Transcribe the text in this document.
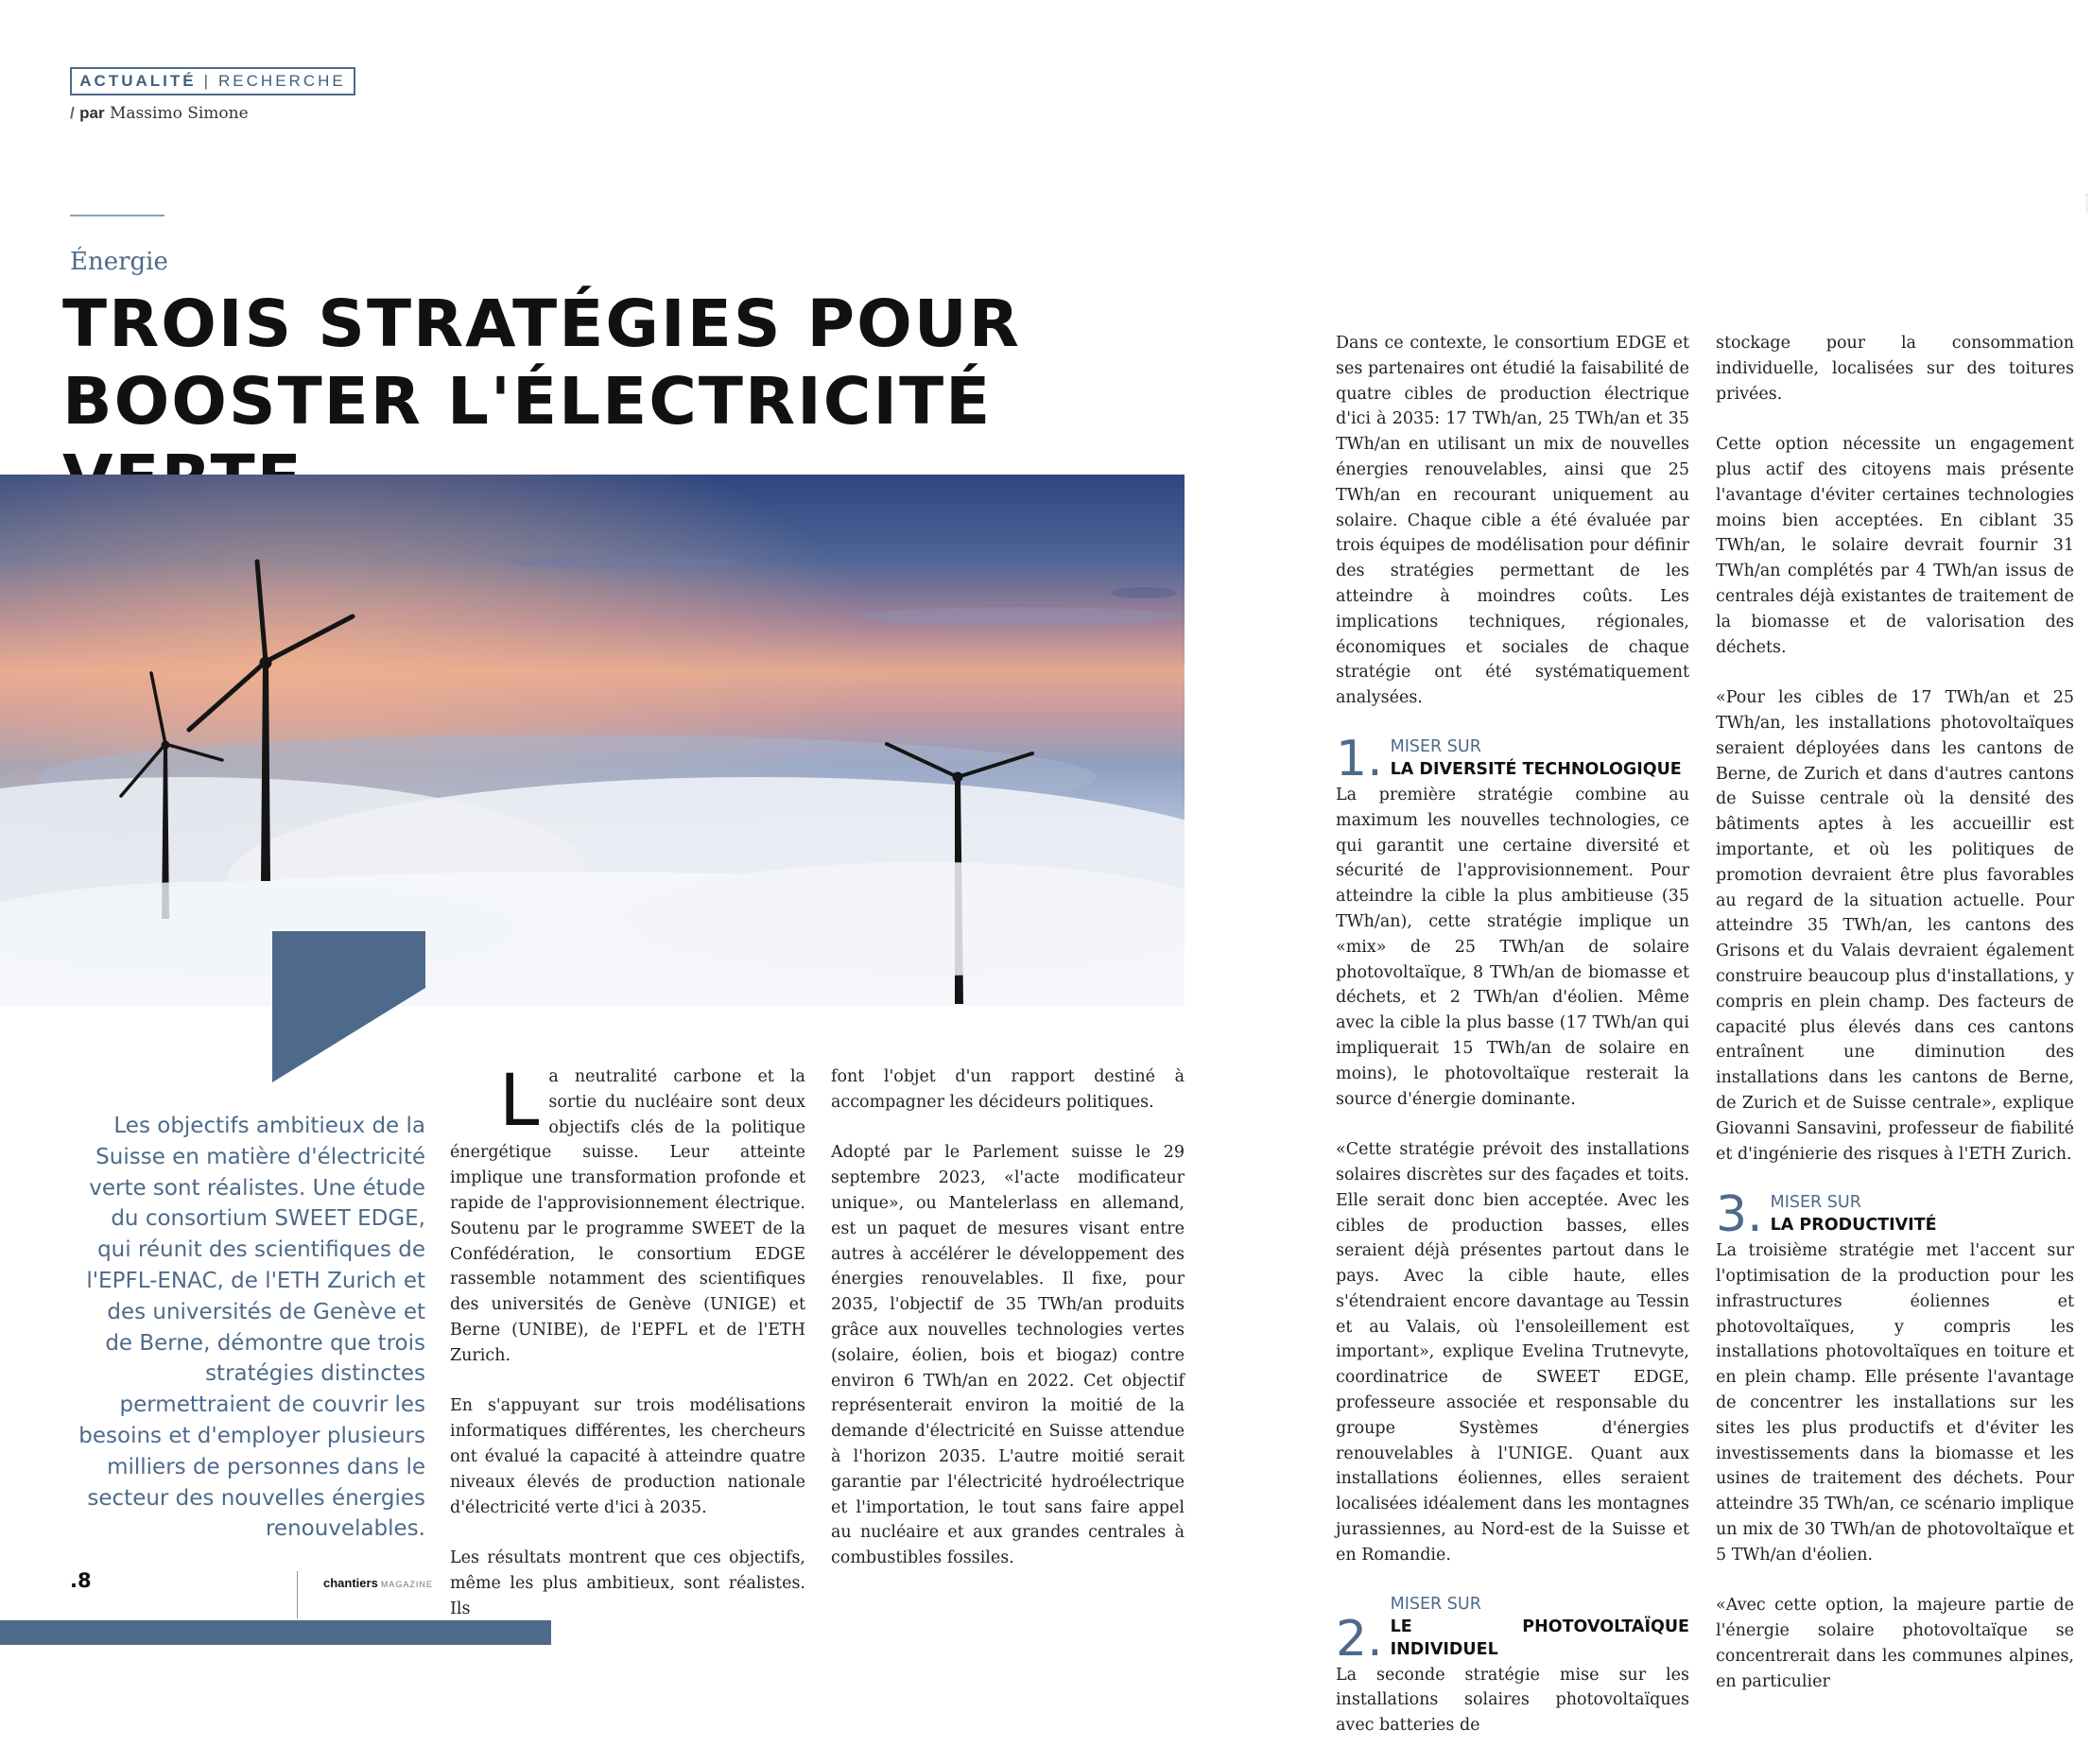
ACTUALITÉ | RECHERCHE
/ par Massimo Simone
Énergie
TROIS STRATÉGIES POUR
BOOSTER L'ÉLECTRICITÉ
Les objectifs ambitieux de la Suisse en matière d'électricité verte sont réalistes. Une étude du consortium SWEET EDGE, qui réunit des scientifiques de l'EPFL-ENAC, de l'ETH Zurich et des universités de Genève et de Berne, démontre que trois stratégies distinctes permettraient de couvrir les besoins et d'employer plusieurs milliers de personnes dans le secteur des nouvelles énergies renouvelables.

La neutralité carbone et la sortie du nucléaire sont deux objectifs clés de la politique énergétique suisse. Leur atteinte implique une transformation profonde et rapide de l'approvisionnement électrique. Soutenu par le programme SWEET de la Confédération, le consortium EDGE rassemble notamment des scientifiques des universités de Genève (UNIGE) et Berne (UNIBE), de l'EPFL et de l'ETH Zurich.

En s'appuyant sur trois modélisations informatiques différentes, les chercheurs ont évalué la capacité à atteindre quatre niveaux élevés de production nationale d'électricité verte d'ici à 2035.

Les résultats montrent que ces objectifs, même les plus ambitieux, sont réalistes. Ils

font l'objet d'un rapport destiné à accompagner les décideurs politiques.

Adopté par le Parlement suisse le 29 septembre 2023, «l'acte modificateur unique», ou Mantelerlass en allemand, est un paquet de mesures visant entre autres à accélérer le développement des énergies renouvelables. Il fixe, pour 2035, l'objectif de 35 TWh/an produits grâce aux nouvelles technologies vertes (solaire, éolien, bois et biogaz) contre environ 6 TWh/an en 2022. Cet objectif représenterait environ la moitié de la demande d'électricité en Suisse attendue à l'horizon 2035. L'autre moitié serait garantie par l'électricité hydroélectrique et l'importation, le tout sans faire appel au nucléaire et aux grandes centrales à combustibles fossiles.

Dans ce contexte, le consortium EDGE et ses partenaires ont étudié la faisabilité de quatre cibles de production électrique d'ici à 2035: 17 TWh/an, 25 TWh/an et 35 TWh/an en utilisant un mix de nouvelles énergies renouvelables, ainsi que 25 TWh/an en recourant uniquement au solaire. Chaque cible a été évaluée par trois équipes de modélisation pour définir des stratégies permettant de les atteindre à moindres coûts. Les implications techniques, régionales, économiques et sociales de chaque stratégie ont été systématiquement analysées.

1. MISER SUR
LA DIVERSITÉ TECHNOLOGIQUE

La première stratégie combine au maximum les nouvelles technologies, ce qui garantit une certaine diversité et sécurité de l'approvisionnement. Pour atteindre la cible la plus ambitieuse (35 TWh/an), cette stratégie implique un «mix» de 25 TWh/an de solaire photovoltaïque, 8 TWh/an de biomasse et déchets, et 2 TWh/an d'éolien. Même avec la cible la plus basse (17 TWh/an qui impliquerait 15 TWh/an de solaire en moins), le photovoltaïque resterait la source d'énergie dominante.

«Cette stratégie prévoit des installations solaires discrètes sur des façades et toits. Elle serait donc bien acceptée. Avec les cibles de production basses, elles seraient déjà présentes partout dans le pays. Avec la cible haute, elles s'étendraient encore davantage au Tessin et au Valais, où l'ensoleillement est important», explique Evelina Trutnevyte, coordinatrice de SWEET EDGE, professeure associée et responsable du groupe Systèmes d'énergies renouvelables à l'UNIGE. Quant aux installations éoliennes, elles seraient localisées idéalement dans les montagnes jurassiennes, au Nord-est de la Suisse et en Romandie.

2.
MISER SUR
LE PHOTOVOLTAÏQUE INDIVIDUEL

La seconde stratégie mise sur les installations solaires photovoltaïques avec batteries de

stockage pour la consommation individuelle, localisées sur des toitures privées.

Cette option nécessite un engagement plus actif des citoyens mais présente l'avantage d'éviter certaines technologies moins bien acceptées. En ciblant 35 TWh/an, le solaire devrait fournir 31 TWh/an complétés par 4 TWh/an issus de centrales déjà existantes de traitement de la biomasse et de valorisation des déchets.

«Pour les cibles de 17 TWh/an et 25 TWh/an, les installations photovoltaïques seraient déployées dans les cantons de Berne, de Zurich et dans d'autres cantons de Suisse centrale où la densité des bâtiments aptes à les accueillir est importante, et où les politiques de promotion devraient être plus favorables au regard de la situation actuelle. Pour atteindre 35 TWh/an, les cantons des Grisons et du Valais devraient également construire beaucoup plus d'installations, y compris en plein champ. Des facteurs de capacité plus élevés dans ces cantons entraînent une diminution des installations dans les cantons de Berne, de Zurich et de Suisse centrale», explique Giovanni Sansavini, professeur de fiabilité et d'ingénierie des risques à l'ETH Zurich.

3. MISER SUR
LA PRODUCTIVITÉ

La troisième stratégie met l'accent sur l'optimisation de la production pour les infrastructures éoliennes et photovoltaïques, y compris les installations photovoltaïques en toiture et en plein champ. Elle présente l'avantage de concentrer les installations sur les sites les plus productifs et d'éviter les investissements dans la biomasse et les usines de traitement des déchets. Pour atteindre 35 TWh/an, ce scénario implique un mix de 30 TWh/an de photovoltaïque et 5 TWh/an d'éolien.

«Avec cette option, la majeure partie de l'énergie solaire photovoltaïque se concentrerait dans les communes alpines, en particulier

.8	chantiers MAGAZINE
